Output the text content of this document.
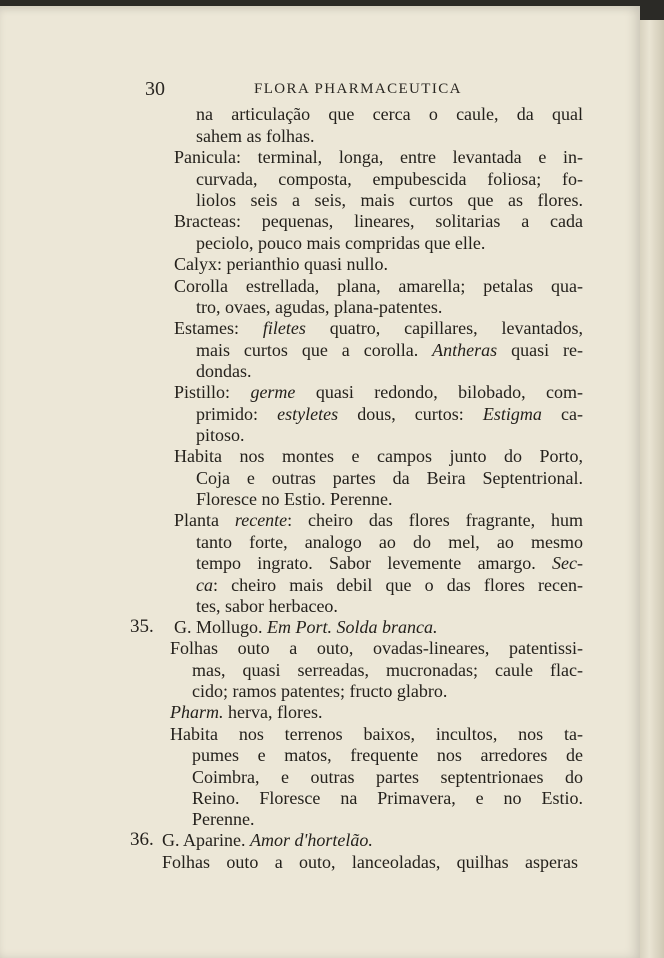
30	FLORA PHARMACEUTICA
na articulação que cerca o caule, da qual
sahem as folhas.
Panicula: terminal, longa, entre levantada e in-
curvada, composta, empubescida foliosa; fo-
liolos seis a seis, mais curtos que as flores.
Bracteas: pequenas, lineares, solitarias a cada
peciolo, pouco mais compridas que elle.
Calyx: perianthio quasi nullo.
Corolla estrellada, plana, amarella; petalas qua-
tro, ovaes, agudas, plana-patentes.
Estames: filetes quatro, capillares, levantados,
mais curtos que a corolla. Antheras quasi re-
dondas.
Pistillo: germe quasi redondo, bilobado, com-
primido: estyletes dous, curtos: Estigma ca-
pitoso.
Habita nos montes e campos junto do Porto,
Coja e outras partes da Beira Septentrional.
Floresce no Estio. Perenne.
Planta recente: cheiro das flores fragrante, hum
tanto forte, analogo ao do mel, ao mesmo
tempo ingrato. Sabor levemente amargo. Sec-
ca: cheiro mais debil que o das flores recen-
tes, sabor herbaceo.
35. G. Mollugo. Em Port. Solda branca.
Folhas outo a outo, ovadas-lineares, patentissi-
mas, quasi serreadas, mucronadas; caule flac-
cido; ramos patentes; fructo glabro.
Pharm. herva, flores.
Habita nos terrenos baixos, incultos, nos ta-
pumes e matos, frequente nos arredores de
Coimbra, e outras partes septentrionaes do
Reino. Floresce na Primavera, e no Estio.
Perenne.
36. G. Aparine. Amor d'hortelão.
Folhas outo a outo, lanceoladas, quilhas asperas
